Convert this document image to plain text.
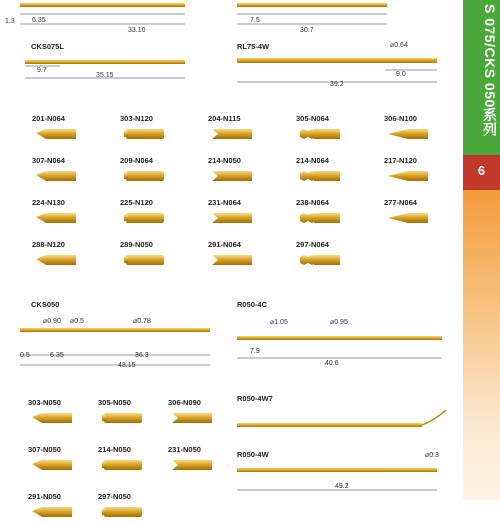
1.3 6.35
33.10
7.5
30.7
CKS075L
9.7
35.15
RL75-4W	⌀0.64
39.2
9.0
201-N064	303-N120	204-N115	305-N064	306-N100
307-N064	209-N064	214-N050	214-N064	217-N120
224-N130	225-N120	231-N064	238-N064	277-N064
288-N120	289-N050	291-N064	297-N064
CKS050
⌀0.90 ⌀0.5	⌀0.78
0.5	6.35	36.3
43.15
R050-4C
⌀1.05	⌀0.95
7.9
40.6
303-N050	305-N050	306-N090
307-N050	214-N050	231-N050
291-N050	297-N050
R050-4W7
R050-4W	⌀0.3
49.2
S 075/CKS 050系列
6
